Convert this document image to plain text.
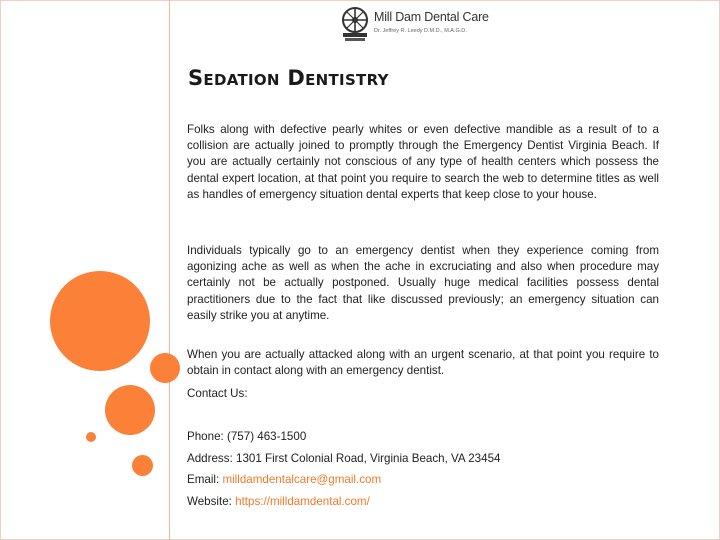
Mill Dam Dental Care
Dr. Jeffrey R. Leedy D.M.D., M.A.G.D.
Sedation Dentistry

Folks along with defective pearly whites or even defective mandible as a result of to a collision are actually joined to promptly through the Emergency Dentist Virginia Beach. If you are actually certainly not conscious of any type of health centers which possess the dental expert location, at that point you require to search the web to determine titles as well as handles of emergency situation dental experts that keep close to your house.

Individuals typically go to an emergency dentist when they experience coming from agonizing ache as well as when the ache in excruciating and also when procedure may certainly not be actually postponed. Usually huge medical facilities possess dental practitioners due to the fact that like discussed previously; an emergency situation can easily strike you at anytime.

When you are actually attacked along with an urgent scenario, at that point you require to obtain in contact along with an emergency dentist.

Contact Us:
Phone: (757) 463-1500
Address: 1301 First Colonial Road, Virginia Beach, VA 23454
Email: milldamdentalcare@gmail.com
Website: https://milldamdental.com/
